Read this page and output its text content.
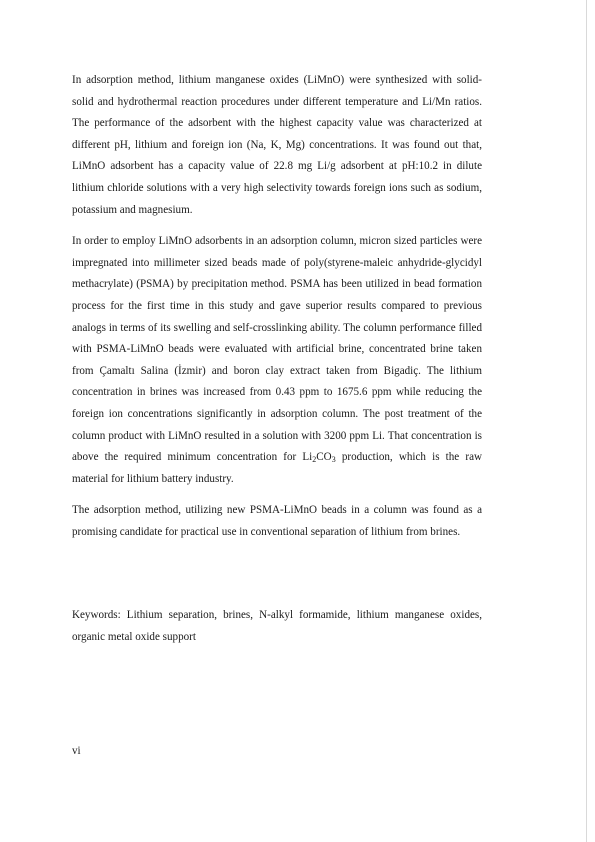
In adsorption method, lithium manganese oxides (LiMnO) were synthesized with solid-solid and hydrothermal reaction procedures under different temperature and Li/Mn ratios. The performance of the adsorbent with the highest capacity value was characterized at different pH, lithium and foreign ion (Na, K, Mg) concentrations. It was found out that, LiMnO adsorbent has a capacity value of 22.8 mg Li/g adsorbent at pH:10.2 in dilute lithium chloride solutions with a very high selectivity towards foreign ions such as sodium, potassium and magnesium.

In order to employ LiMnO adsorbents in an adsorption column, micron sized particles were impregnated into millimeter sized beads made of poly(styrene-maleic anhydride-glycidyl methacrylate) (PSMA) by precipitation method. PSMA has been utilized in bead formation process for the first time in this study and gave superior results compared to previous analogs in terms of its swelling and self-crosslinking ability. The column performance filled with PSMA-LiMnO beads were evaluated with artificial brine, concentrated brine taken from Çamaltı Salina (İzmir) and boron clay extract taken from Bigadiç. The lithium concentration in brines was increased from 0.43 ppm to 1675.6 ppm while reducing the foreign ion concentrations significantly in adsorption column. The post treatment of the column product with LiMnO resulted in a solution with 3200 ppm Li. That concentration is above the required minimum concentration for $Li_2CO_3$ production, which is the raw material for lithium battery industry.

The adsorption method, utilizing new PSMA-LiMnO beads in a column was found as a promising candidate for practical use in conventional separation of lithium from brines.

Keywords: Lithium separation, brines, N-alkyl formamide, lithium manganese oxides, organic metal oxide support

vi
